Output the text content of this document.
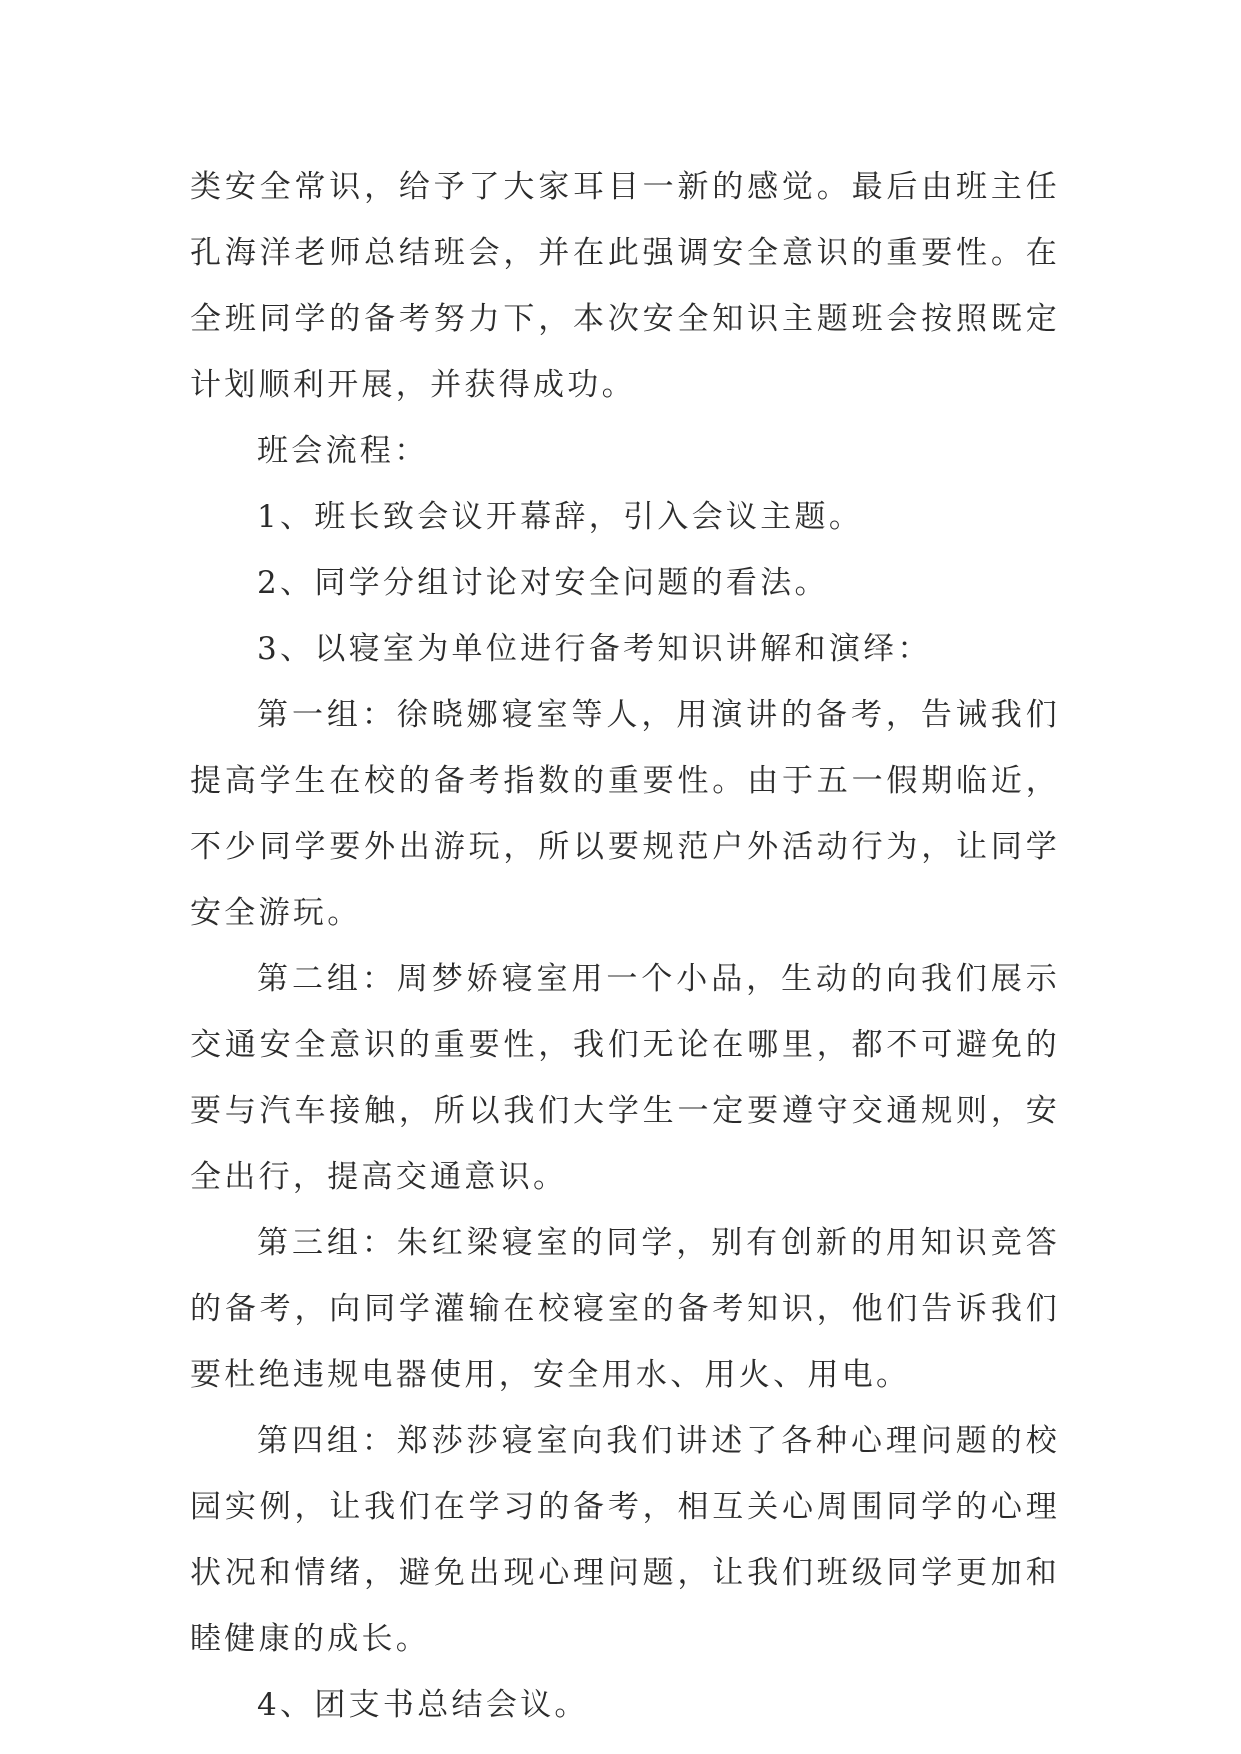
类安全常识，给予了大家耳目一新的感觉。最后由班主任孔海洋老师总结班会，并在此强调安全意识的重要性。在全班同学的备考努力下，本次安全知识主题班会按照既定计划顺利开展，并获得成功。

班会流程：

1、班长致会议开幕辞，引入会议主题。

2、同学分组讨论对安全问题的看法。

3、以寝室为单位进行备考知识讲解和演绎：

第一组：徐晓娜寝室等人，用演讲的备考，告诫我们提高学生在校的备考指数的重要性。由于五一假期临近，不少同学要外出游玩，所以要规范户外活动行为，让同学安全游玩。

第二组：周梦娇寝室用一个小品，生动的向我们展示交通安全意识的重要性，我们无论在哪里，都不可避免的要与汽车接触，所以我们大学生一定要遵守交通规则，安全出行，提高交通意识。

第三组：朱红梁寝室的同学，别有创新的用知识竞答的备考，向同学灌输在校寝室的备考知识，他们告诉我们要杜绝违规电器使用，安全用水、用火、用电。

第四组：郑莎莎寝室向我们讲述了各种心理问题的校园实例，让我们在学习的备考，相互关心周围同学的心理状况和情绪，避免出现心理问题，让我们班级同学更加和睦健康的成长。

4、团支书总结会议。
